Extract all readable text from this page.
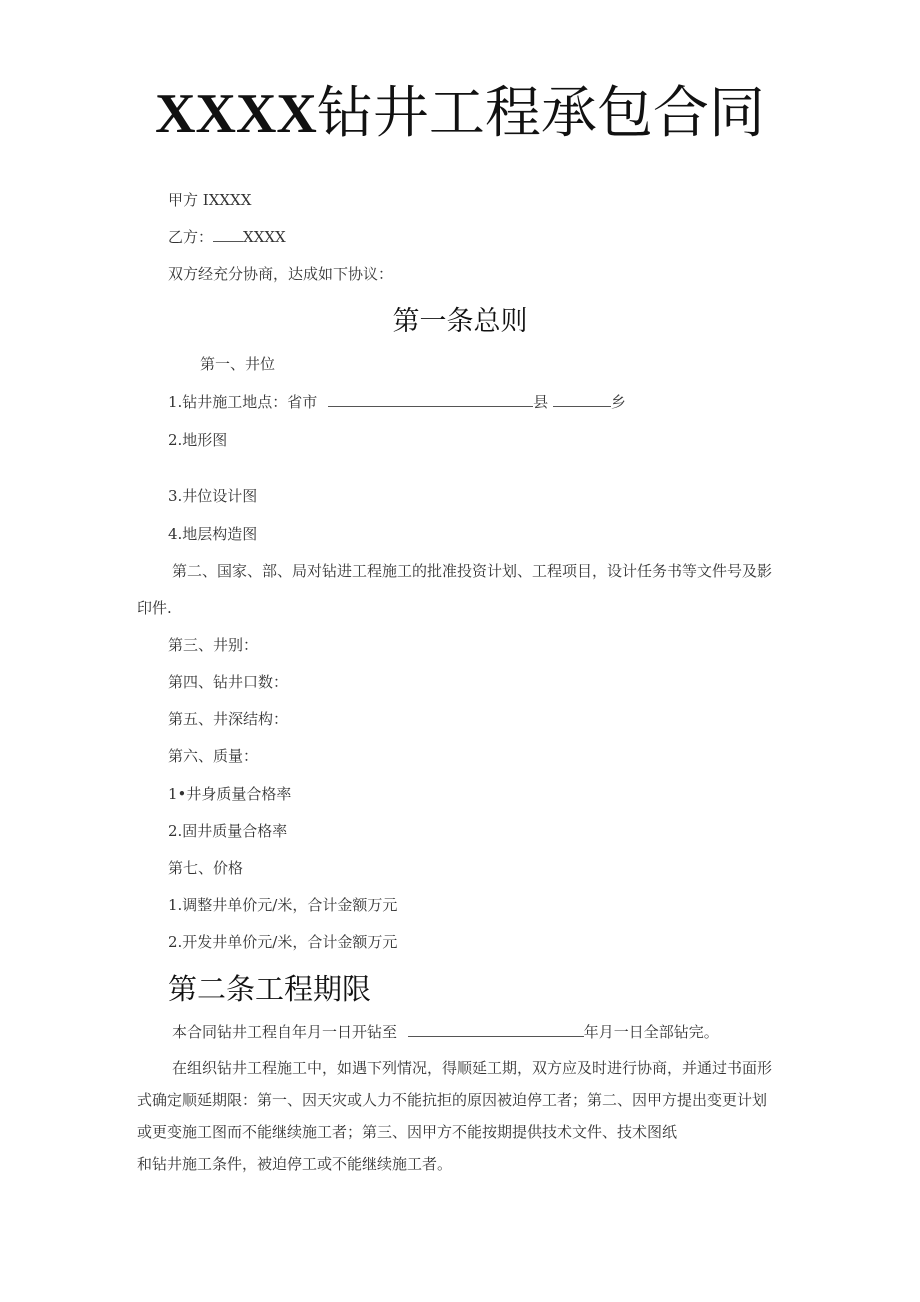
XXXX钻井工程承包合同
甲方 IXXXX
乙方： XXXX
双方经充分协商，达成如下协议：
第一条总则
第一、井位
1.钻井施工地点：省市	县	乡
2.地形图
3.井位设计图
4.地层构造图
第二、国家、部、局对钻进工程施工的批准投资计划、工程项目，设计任务书等文件号及影
印件.
第三、井别：
第四、钻井口数：
第五、井深结构：
第六、质量：
1•井身质量合格率
2.固井质量合格率
第七、价格
1.调整井单价元/米，合计金额万元
2.开发井单价元/米，合计金额万元
第二条工程期限
本合同钻井工程自年月一日开钻至	年月一日全部钻完。
在组织钻井工程施工中，如遇下列情况，得顺延工期，双方应及时进行协商，并通过书面形
式确定顺延期限：第一、因天灾或人力不能抗拒的原因被迫停工者；第二、因甲方提出变更计划
或更变施工图而不能继续施工者；第三、因甲方不能按期提供技术文件、技术图纸
和钻井施工条件，被迫停工或不能继续施工者。
